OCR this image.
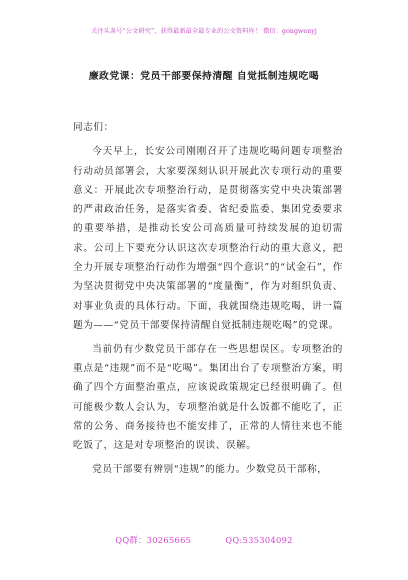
关注头条号“公文研究”，获得最新最全最专业的公文资料库！ 微信：gongwenyj
廉政党课：党员干部要保持清醒 自觉抵制违规吃喝

同志们：

今天早上，长安公司刚刚召开了违规吃喝问题专项整治行动动员部署会，大家要深刻认识开展此次专项行动的重要意义：开展此次专项整治行动，是贯彻落实党中央决策部署的严肃政治任务，是落实省委、省纪委监委、集团党委要求的重要举措，是推动长安公司高质量可持续发展的迫切需求。公司上下要充分认识这次专项整治行动的重大意义，把全力开展专项整治行动作为增强“四个意识”的“试金石”，作为坚决贯彻党中央决策部署的“度量衡”，作为对组织负责、对事业负责的具体行动。下面，我就围绕违规吃喝，讲一篇题为——“党员干部要保持清醒自觉抵制违规吃喝”的党课。

当前仍有少数党员干部存在一些思想误区。专项整治的重点是“违规”而不是“吃喝”。集团出台了专项整治方案，明确了四个方面整治重点，应该说政策规定已经很明确了。但可能极少数人会认为，专项整治就是什么饭都不能吃了，正常的公务、商务接待也不能安排了，正常的人情往来也不能吃饭了，这是对专项整治的误读、误解。

党员干部要有辨别“违规”的能力。少数党员干部称，

QQ群：30265665	QQ:535304092
